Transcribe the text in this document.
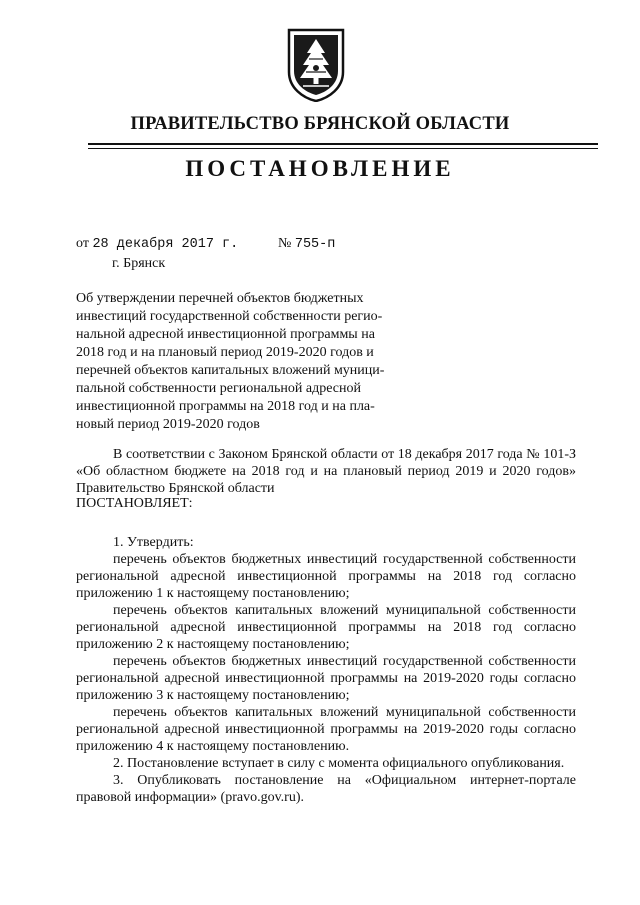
ПРАВИТЕЛЬСТВО БРЯНСКОЙ ОБЛАСТИ
ПОСТАНОВЛЕНИЕ
от 28 декабря 2017 г.	№ 755-п
г. Брянск
Об утверждении перечней объектов бюджетных
инвестиций государственной собственности регио-
нальной адресной инвестиционной программы на
2018 год и на плановый период 2019-2020 годов и
перечней объектов капитальных вложений муници-
пальной собственности региональной адресной
инвестиционной программы на 2018 год и на пла-
новый период 2019-2020 годов

В соответствии с Законом Брянской области от 18 декабря 2017 года № 101-З «Об областном бюджете на 2018 год и на плановый период 2019 и 2020 годов» Правительство Брянской области

ПОСТАНОВЛЯЕТ:

1. Утвердить:

перечень объектов бюджетных инвестиций государственной собственности региональной адресной инвестиционной программы на 2018 год согласно приложению 1 к настоящему постановлению;

перечень объектов капитальных вложений муниципальной собственности региональной адресной инвестиционной программы на 2018 год согласно приложению 2 к настоящему постановлению;

перечень объектов бюджетных инвестиций государственной собственности региональной адресной инвестиционной программы на 2019-2020 годы согласно приложению 3 к настоящему постановлению;

перечень объектов капитальных вложений муниципальной собственности региональной адресной инвестиционной программы на 2019-2020 годы согласно приложению 4 к настоящему постановлению.

2. Постановление вступает в силу с момента официального опубликования.

3. Опубликовать постановление на «Официальном интернет-портале правовой информации» (pravo.gov.ru).
